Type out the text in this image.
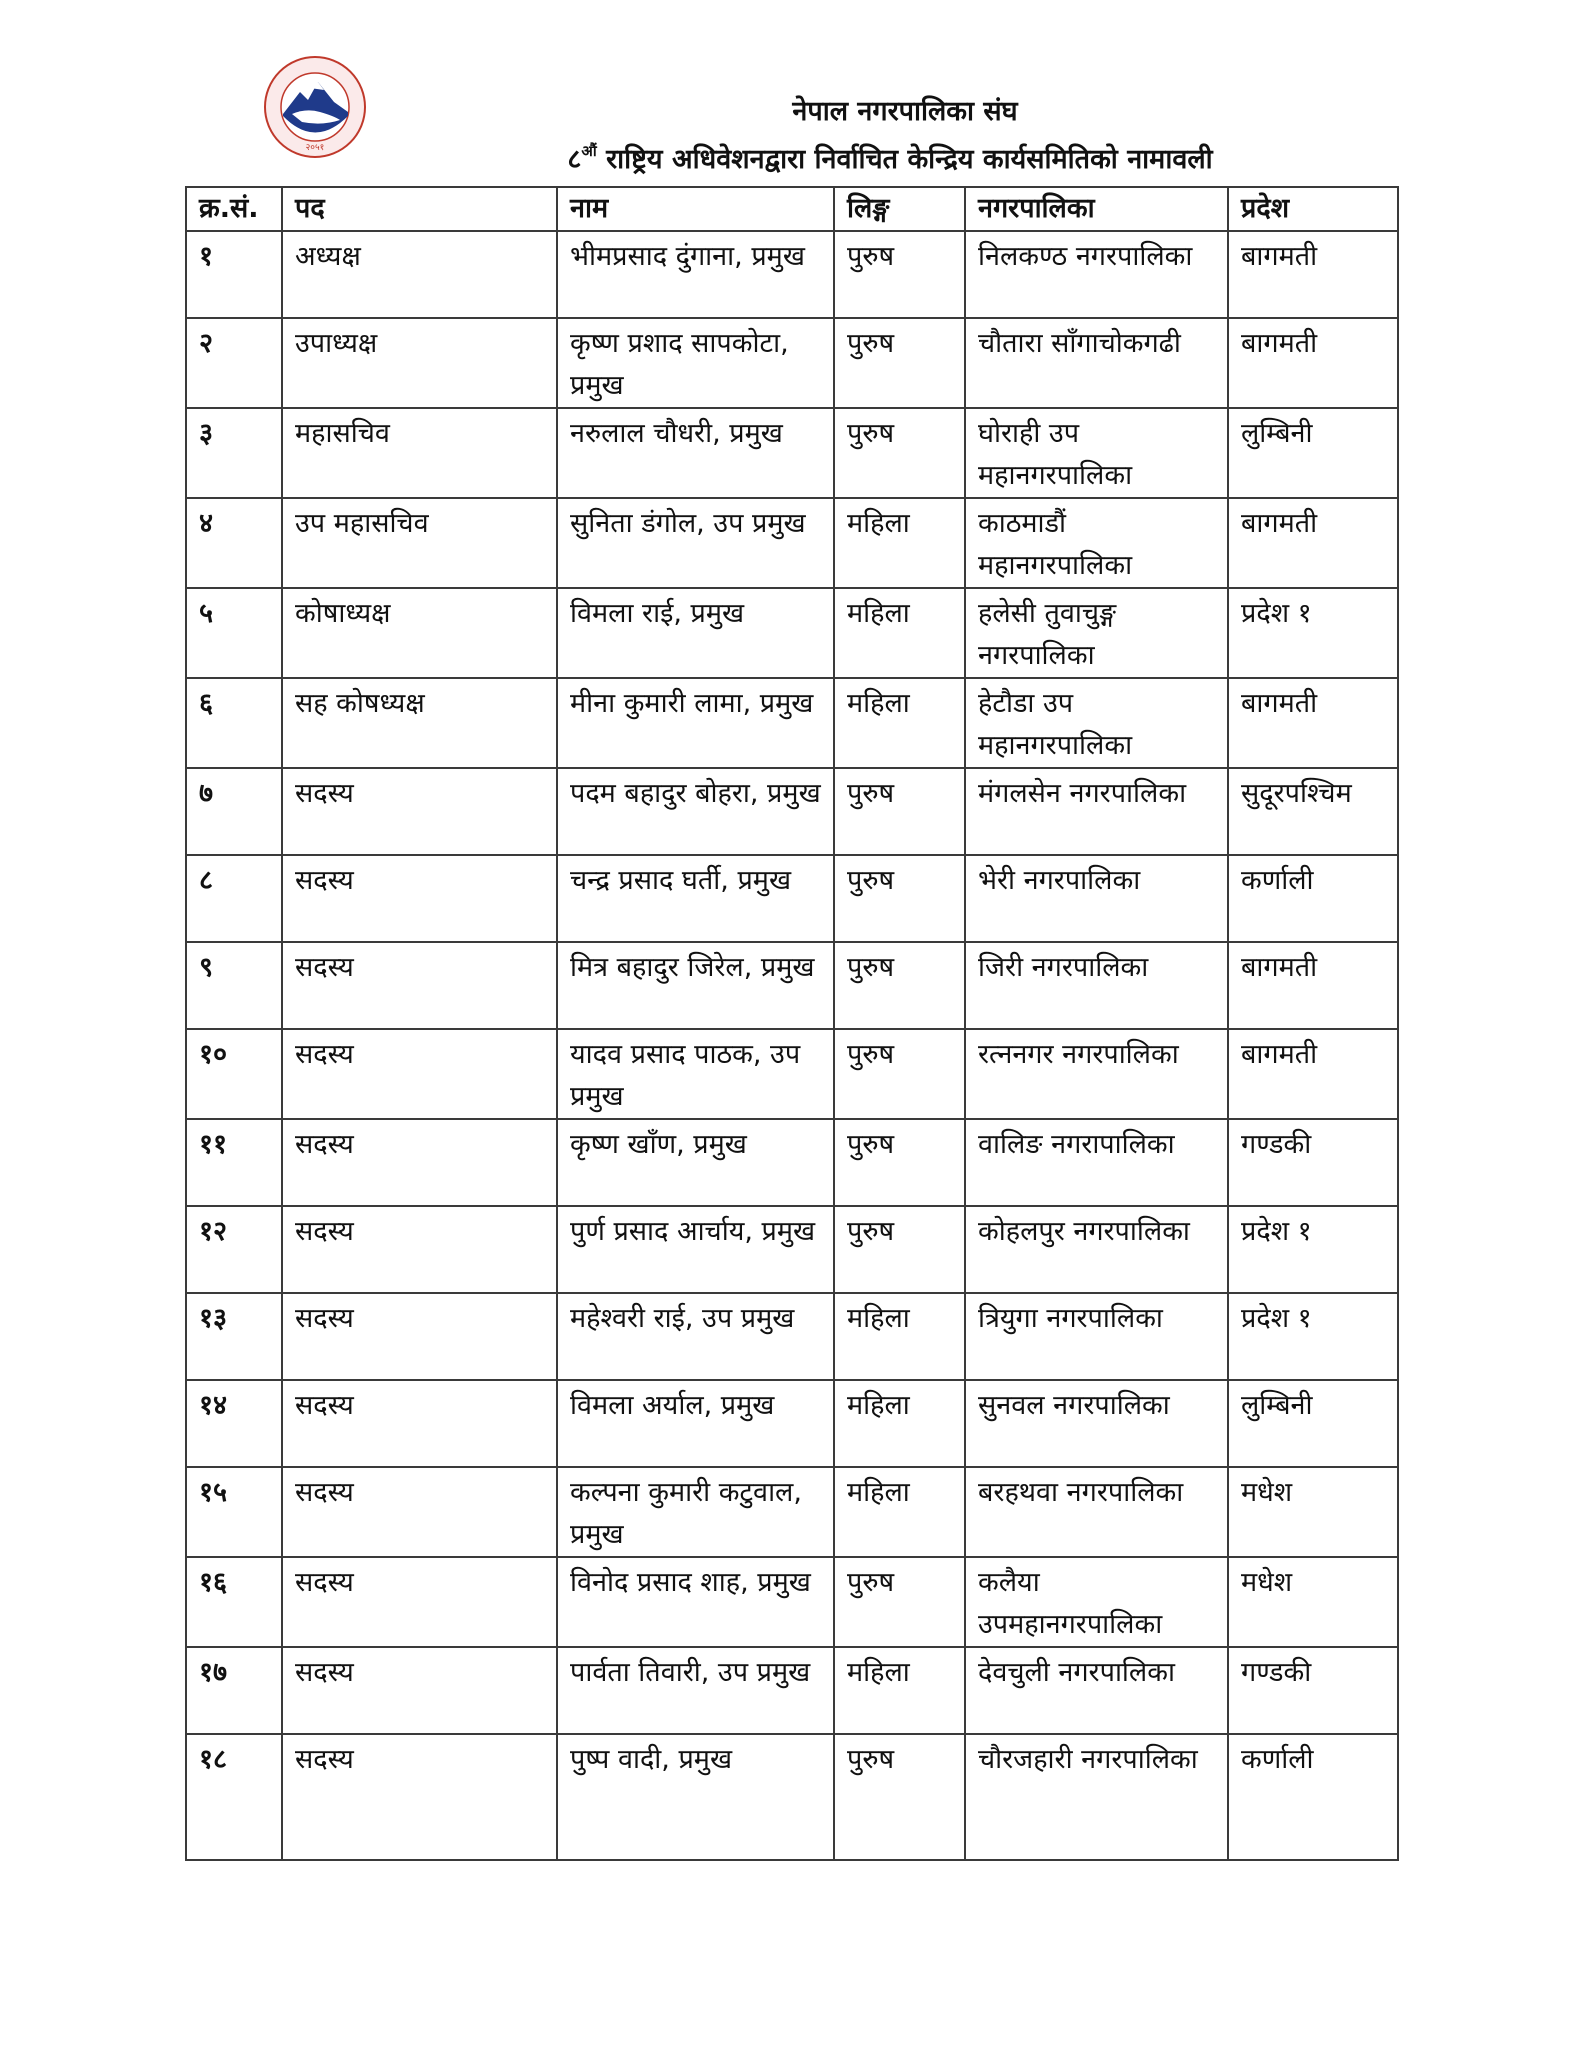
२०५१
नेपाल नगरपालिका संघ
$८^{औं}$ राष्ट्रिय अधिवेशनद्वारा निर्वाचित केन्द्रिय कार्यसमितिको नामावली
क्र.सं.	पद	नाम	लिङ्ग	नगरपालिका	प्रदेश
१	अध्यक्ष	भीमप्रसाद दुंगाना, प्रमुख	पुरुष	निलकण्ठ नगरपालिका	बागमती
२	उपाध्यक्ष	कृष्ण प्रशाद सापकोटा, प्रमुख	पुरुष	चौतारा साँगाचोकगढी	बागमती
३	महासचिव	नरुलाल चौधरी, प्रमुख	पुरुष	घोराही उप महानगरपालिका	लुम्बिनी
४	उप महासचिव	सुनिता डंगोल, उप प्रमुख	महिला	काठमाडौं महानगरपालिका	बागमती
५	कोषाध्यक्ष	विमला राई, प्रमुख	महिला	हलेसी तुवाचुङ्ग नगरपालिका	प्रदेश १
६	सह कोषध्यक्ष	मीना कुमारी लामा, प्रमुख	महिला	हेटौडा उप महानगरपालिका	बागमती
७	सदस्य	पदम बहादुर बोहरा, प्रमुख	पुरुष	मंगलसेन नगरपालिका	सुदूरपश्चिम
८	सदस्य	चन्द्र प्रसाद घर्ती, प्रमुख	पुरुष	भेरी नगरपालिका	कर्णाली
९	सदस्य	मित्र बहादुर जिरेल, प्रमुख	पुरुष	जिरी नगरपालिका	बागमती
१०	सदस्य	यादव प्रसाद पाठक, उप प्रमुख	पुरुष	रत्ननगर नगरपालिका	बागमती
११	सदस्य	कृष्ण खाँण, प्रमुख	पुरुष	वालिङ नगरापालिका	गण्डकी
१२	सदस्य	पुर्ण प्रसाद आर्चाय, प्रमुख	पुरुष	कोहलपुर नगरपालिका	प्रदेश १
१३	सदस्य	महेश्वरी राई, उप प्रमुख	महिला	त्रियुगा नगरपालिका	प्रदेश १
१४	सदस्य	विमला अर्याल, प्रमुख	महिला	सुनवल नगरपालिका	लुम्बिनी
१५	सदस्य	कल्पना कुमारी कटुवाल, प्रमुख	महिला	बरहथवा नगरपालिका	मधेश
१६	सदस्य	विनोद प्रसाद शाह, प्रमुख	पुरुष	कलैया उपमहानगरपालिका	मधेश
१७	सदस्य	पार्वता तिवारी, उप प्रमुख	महिला	देवचुली नगरपालिका	गण्डकी
१८	सदस्य	पुष्प वादी, प्रमुख	पुरुष	चौरजहारी नगरपालिका	कर्णाली
